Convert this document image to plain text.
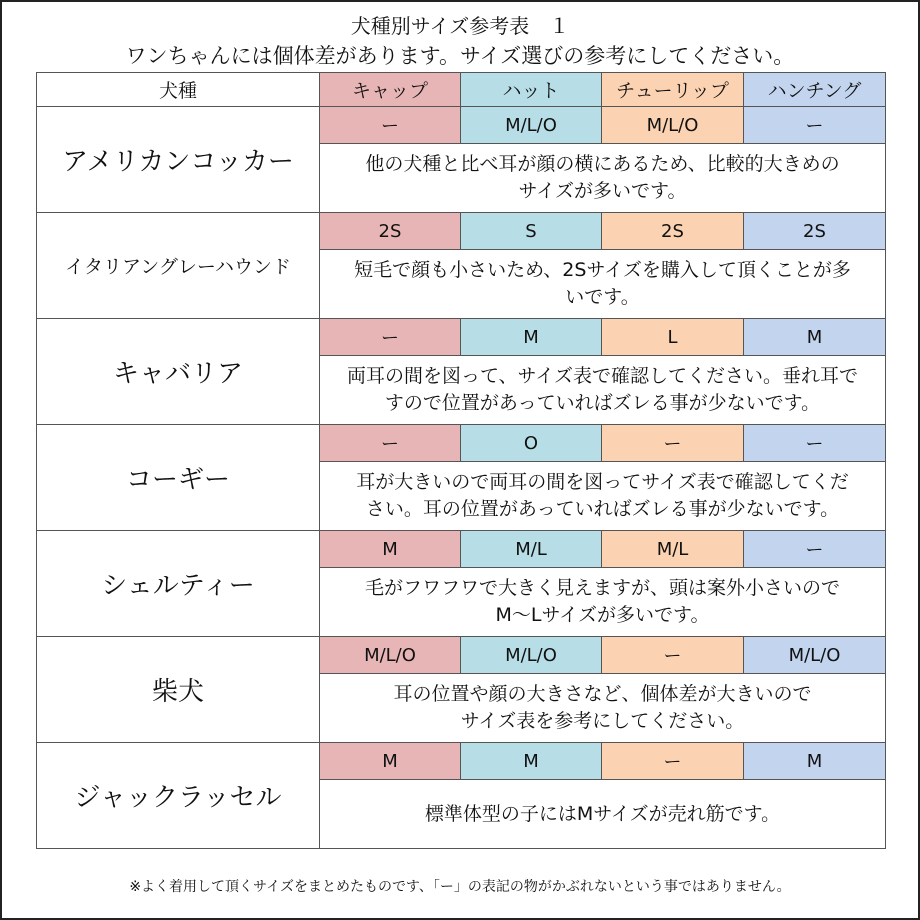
犬種別サイズ参考表　１
ワンちゃんには個体差があります。サイズ選びの参考にしてください。
犬種	キャップ	ハット	チューリップ	ハンチング
アメリカンコッカー	ー	M/L/O	M/L/O	ー

	他の犬種と比べ耳が顔の横にあるため、比較的大きめの
サイズが多いです。			

イタリアングレーハウンド	2S	S	2S	2S

	短毛で顔も小さいため、2Sサイズを購入して頂くことが多
いです。			

キャバリア	ー	M	L	M

	両耳の間を図って、サイズ表で確認してください。垂れ耳で
すので位置があっていればズレる事が少ないです。			

コーギー	ー	O	ー	ー

	耳が大きいので両耳の間を図ってサイズ表で確認してくだ
さい。耳の位置があっていればズレる事が少ないです。			

シェルティー	M	M/L	M/L	ー

	毛がフワフワで大きく見えますが、頭は案外小さいので
M～Lサイズが多いです。			

柴犬	M/L/O	M/L/O	ー	M/L/O

	耳の位置や顔の大きさなど、個体差が大きいので
サイズ表を参考にしてください。			

ジャックラッセル	M	M	ー	M

	標準体型の子にはMサイズが売れ筋です。			
※よく着用して頂くサイズをまとめたものです、「ー」の表記の物がかぶれないという事ではありません。
